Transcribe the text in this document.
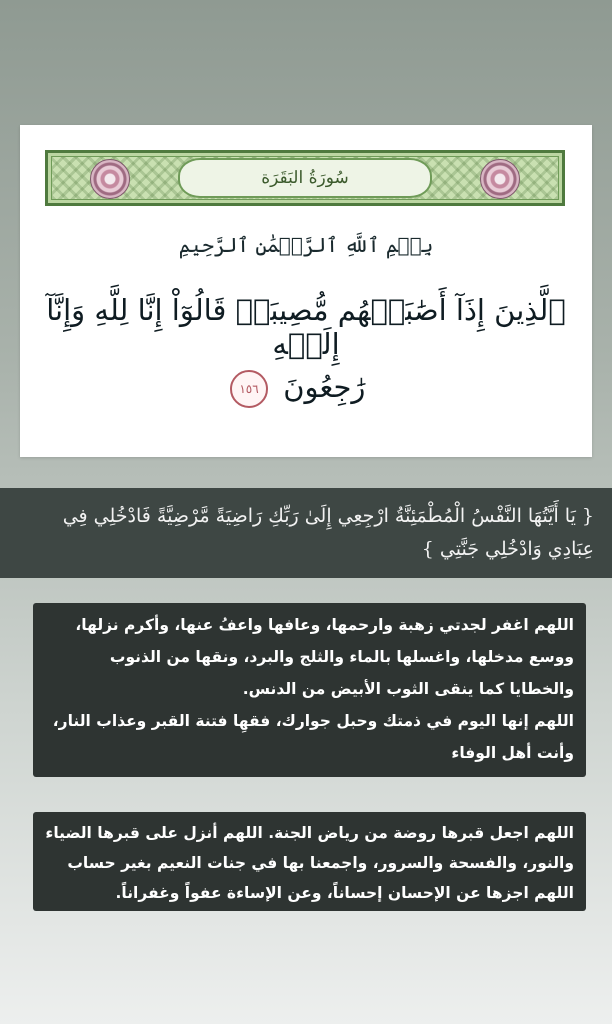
سُورَةُ البَقَرَة
بِسۡمِ ٱللَّهِ ٱلرَّحۡمَٰنِ ٱلرَّحِيمِ
ٱلَّذِينَ إِذَآ أَصَٰبَتۡهُم مُّصِيبَةٞ قَالُوٓاْ إِنَّا لِلَّهِ وَإِنَّآ إِلَيۡهِ
رَٰجِعُونَ ١٥٦
{ يَا أَيَّتُهَا النَّفْسُ الْمُطْمَئِنَّةُ ارْجِعِي إِلَىٰ رَبِّكِ رَاضِيَةً مَّرْضِيَّةً فَادْخُلِي فِي عِبَادِي وَادْخُلِي جَنَّتِي }

اللهم اغفر لجدتي زهبة وارحمها، وعافها واعفُ عنها، وأكرم نزلها، ووسع مدخلها، واغسلها بالماء والثلج والبرد، ونقها من الذنوب والخطايا كما ينقى الثوب الأبيض من الدنس.

اللهم إنها اليوم في ذمتك وحبل جوارك، فقهِا فتنة القبر وعذاب النار، وأنت أهل الوفاء

اللهم اجعل قبرها روضة من رياض الجنة. اللهم أنزل على قبرها الضياء والنور، والفسحة والسرور، واجمعنا بها في جنات النعيم بغير حساب اللهم اجزها عن الإحسان إحساناً، وعن الإساءة عفواً وغفراناً.
